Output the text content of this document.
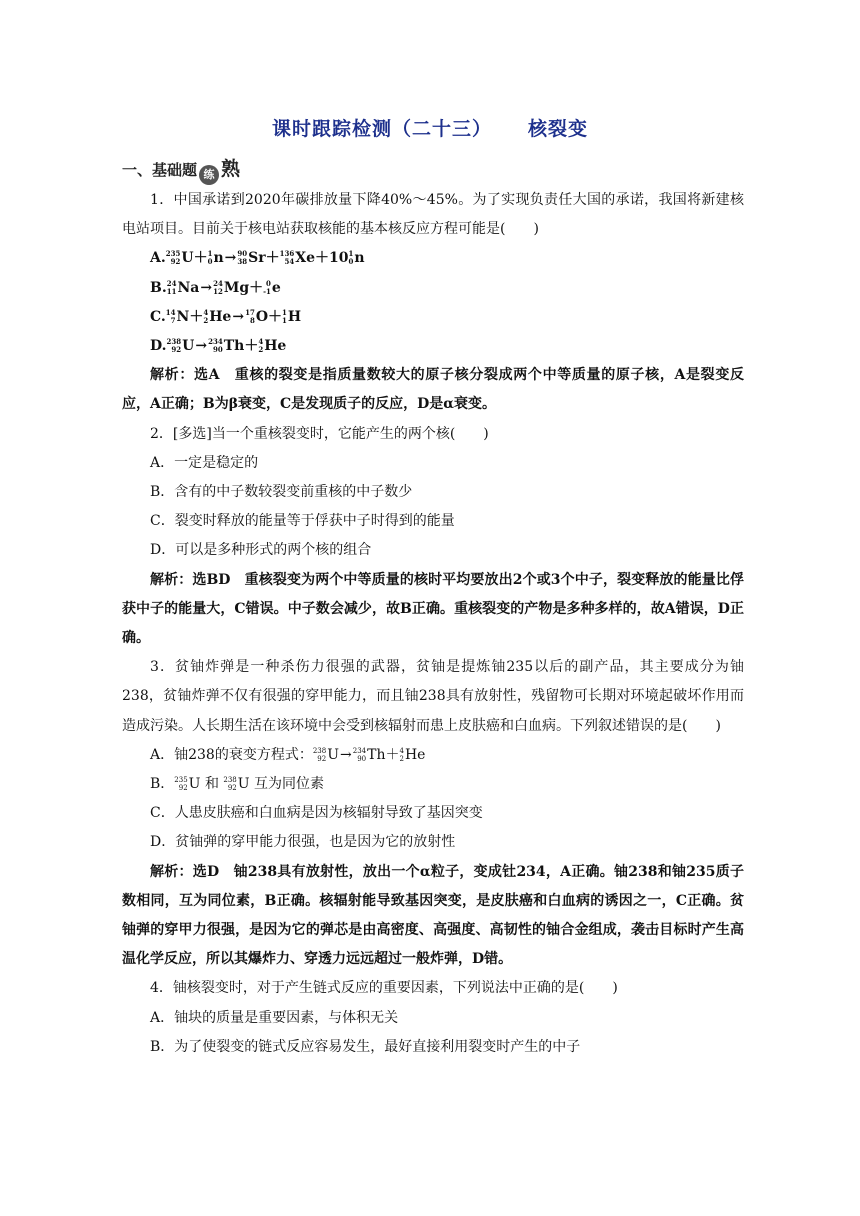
课时跟踪检测（二十三） 核裂变
一、基础题 练 熟

1．中国承诺到2020年碳排放量下降40%～45%。为了实现负责任大国的承诺，我国将新建核电站项目。目前关于核电站获取核能的基本核反应方程可能是(　　)

A. 235
92 U＋ 1
0 n→ 90
38 Sr＋ 136
54 Xe＋10 1
0 n

B. 24
11 Na→ 24
12 Mg＋ 0
-1 e

C. 14
7 N＋ 4
2 He→ 17
8 O＋ 1
1 H

D. 238
92 U→ 234
90 Th＋ 4
2 He

解析：选A　重核的裂变是指质量数较大的原子核分裂成两个中等质量的原子核，A是裂变反应，A正确；B为β衰变，C是发现质子的反应，D是α衰变。

2．[多选]当一个重核裂变时，它能产生的两个核(　　)

A．一定是稳定的

B．含有的中子数较裂变前重核的中子数少

C．裂变时释放的能量等于俘获中子时得到的能量

D．可以是多种形式的两个核的组合

解析：选BD　重核裂变为两个中等质量的核时平均要放出2个或3个中子，裂变释放的能量比俘获中子的能量大，C错误。中子数会减少，故B正确。重核裂变的产物是多种多样的，故A错误，D正确。

3．贫铀炸弹是一种杀伤力很强的武器，贫铀是提炼铀235以后的副产品，其主要成分为铀238，贫铀炸弹不仅有很强的穿甲能力，而且铀238具有放射性，残留物可长期对环境起破坏作用而造成污染。人长期生活在该环境中会受到核辐射而患上皮肤癌和白血病。下列叙述错误的是(　　)

A．铀238的衰变方程式： 238
92 U→ 234
90 Th＋ 4
2 He

B． 235
92 U 和 238
92 U 互为同位素

C．人患皮肤癌和白血病是因为核辐射导致了基因突变

D．贫铀弹的穿甲能力很强，也是因为它的放射性

解析：选D　铀238具有放射性，放出一个α粒子，变成钍234，A正确。铀238和铀235质子数相同，互为同位素，B正确。核辐射能导致基因突变，是皮肤癌和白血病的诱因之一，C正确。贫铀弹的穿甲力很强，是因为它的弹芯是由高密度、高强度、高韧性的铀合金组成，袭击目标时产生高温化学反应，所以其爆炸力、穿透力远远超过一般炸弹，D错。

4．铀核裂变时，对于产生链式反应的重要因素，下列说法中正确的是(　　)

A．铀块的质量是重要因素，与体积无关

B．为了使裂变的链式反应容易发生，最好直接利用裂变时产生的中子
